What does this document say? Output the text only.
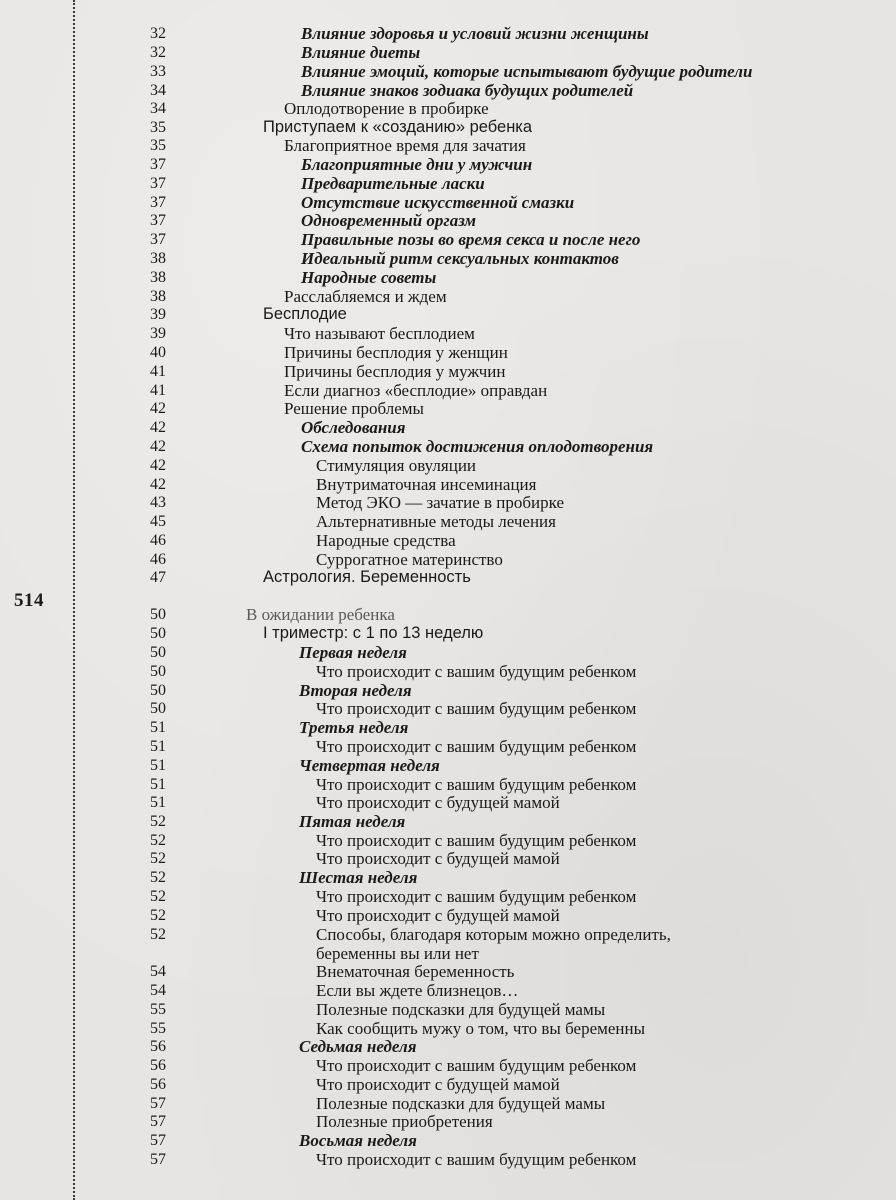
514
32	Влияние здоровья и условий жизни женщины
32	Влияние диеты
33	Влияние эмоций, которые испытывают будущие родители
34	Влияние знаков зодиака будущих родителей
34	Оплодотворение в пробирке
35	Приступаем к «созданию» ребенка
35	Благоприятное время для зачатия
37	Благоприятные дни у мужчин
37	Предварительные ласки
37	Отсутствие искусственной смазки
37	Одновременный оргазм
37	Правильные позы во время секса и после него
38	Идеальный ритм сексуальных контактов
38	Народные советы
38	Расслабляемся и ждем
39	Бесплодие
39	Что называют бесплодием
40	Причины бесплодия у женщин
41	Причины бесплодия у мужчин
41	Если диагноз «бесплодие» оправдан
42	Решение проблемы
42	Обследования
42	Схема попыток достижения оплодотворения
42	Стимуляция овуляции
42	Внутриматочная инсеминация
43	Метод ЭКО — зачатие в пробирке
45	Альтернативные методы лечения
46	Народные средства
46	Суррогатное материнство
47	Астрология. Беременность
50	В ожидании ребенка
50	I триместр: с 1 по 13 неделю
50	Первая неделя
50	Что происходит с вашим будущим ребенком
50	Вторая неделя
50	Что происходит с вашим будущим ребенком
51	Третья неделя
51	Что происходит с вашим будущим ребенком
51	Четвертая неделя
51	Что происходит с вашим будущим ребенком
51	Что происходит с будущей мамой
52	Пятая неделя
52	Что происходит с вашим будущим ребенком
52	Что происходит с будущей мамой
52	Шестая неделя
52	Что происходит с вашим будущим ребенком
52	Что происходит с будущей мамой
52	Способы, благодаря которым можно определить,
беременны вы или нет
54	Внематочная беременность
54	Если вы ждете близнецов…
55	Полезные подсказки для будущей мамы
55	Как сообщить мужу о том, что вы беременны
56	Седьмая неделя
56	Что происходит с вашим будущим ребенком
56	Что происходит с будущей мамой
57	Полезные подсказки для будущей мамы
57	Полезные приобретения
57	Восьмая неделя
57	Что происходит с вашим будущим ребенком
